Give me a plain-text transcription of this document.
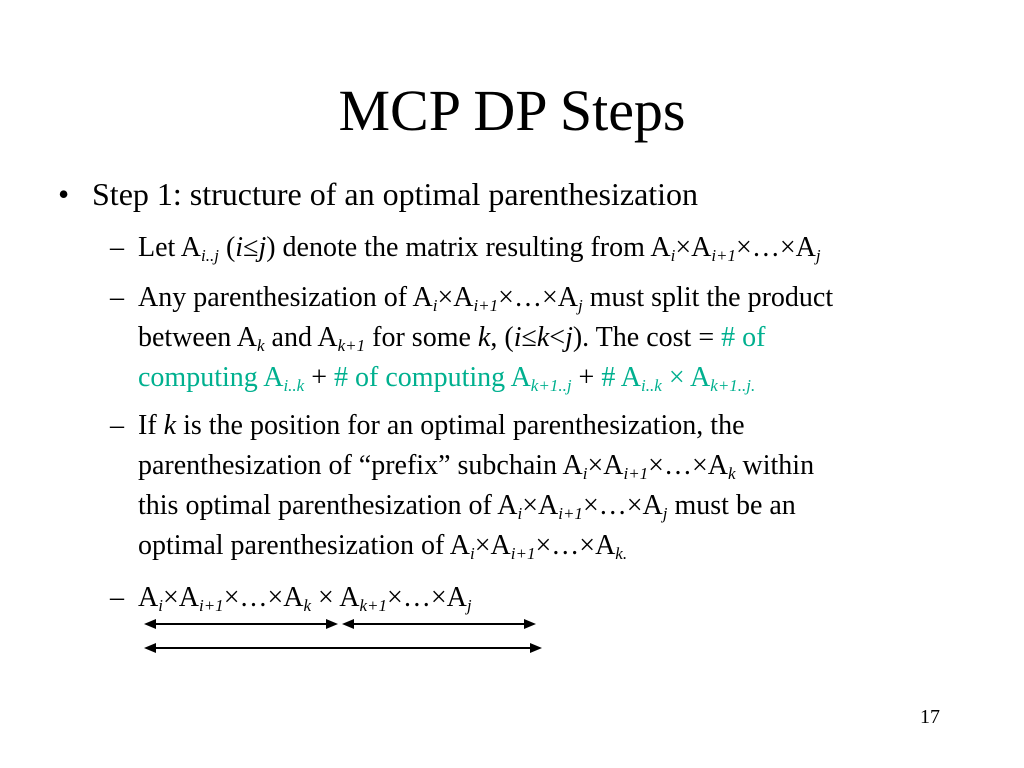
MCP DP Steps
• Step 1: structure of an optimal parenthesization
– Let $A_{i..j}$ (i≤j) denote the matrix resulting from $A_i\times A_{i+1}\times\dots\times A_j$
– Any parenthesization of $A_i\times A_{i+1}\times\dots\times A_j$ must split the product
between $A_k$ and $A_{k+1}$ for some k, (i≤k<j). The cost = # of
computing $A_{i..k}$ + # of computing $A_{k+1..j}$ + # $A_{i..k} \times A_{k+1..j.}$
– If k is the position for an optimal parenthesization, the
parenthesization of “prefix” subchain $A_i\times A_{i+1}\times\dots\times A_k$ within
this optimal parenthesization of $A_i\times A_{i+1}\times\dots\times A_j$ must be an
optimal parenthesization of $A_i\times A_{i+1}\times\dots\times A_{k.}$
– $A_i\times A_{i+1}\times\dots\times A_k$ × $A_{k+1}\times\dots\times A_j$
17
